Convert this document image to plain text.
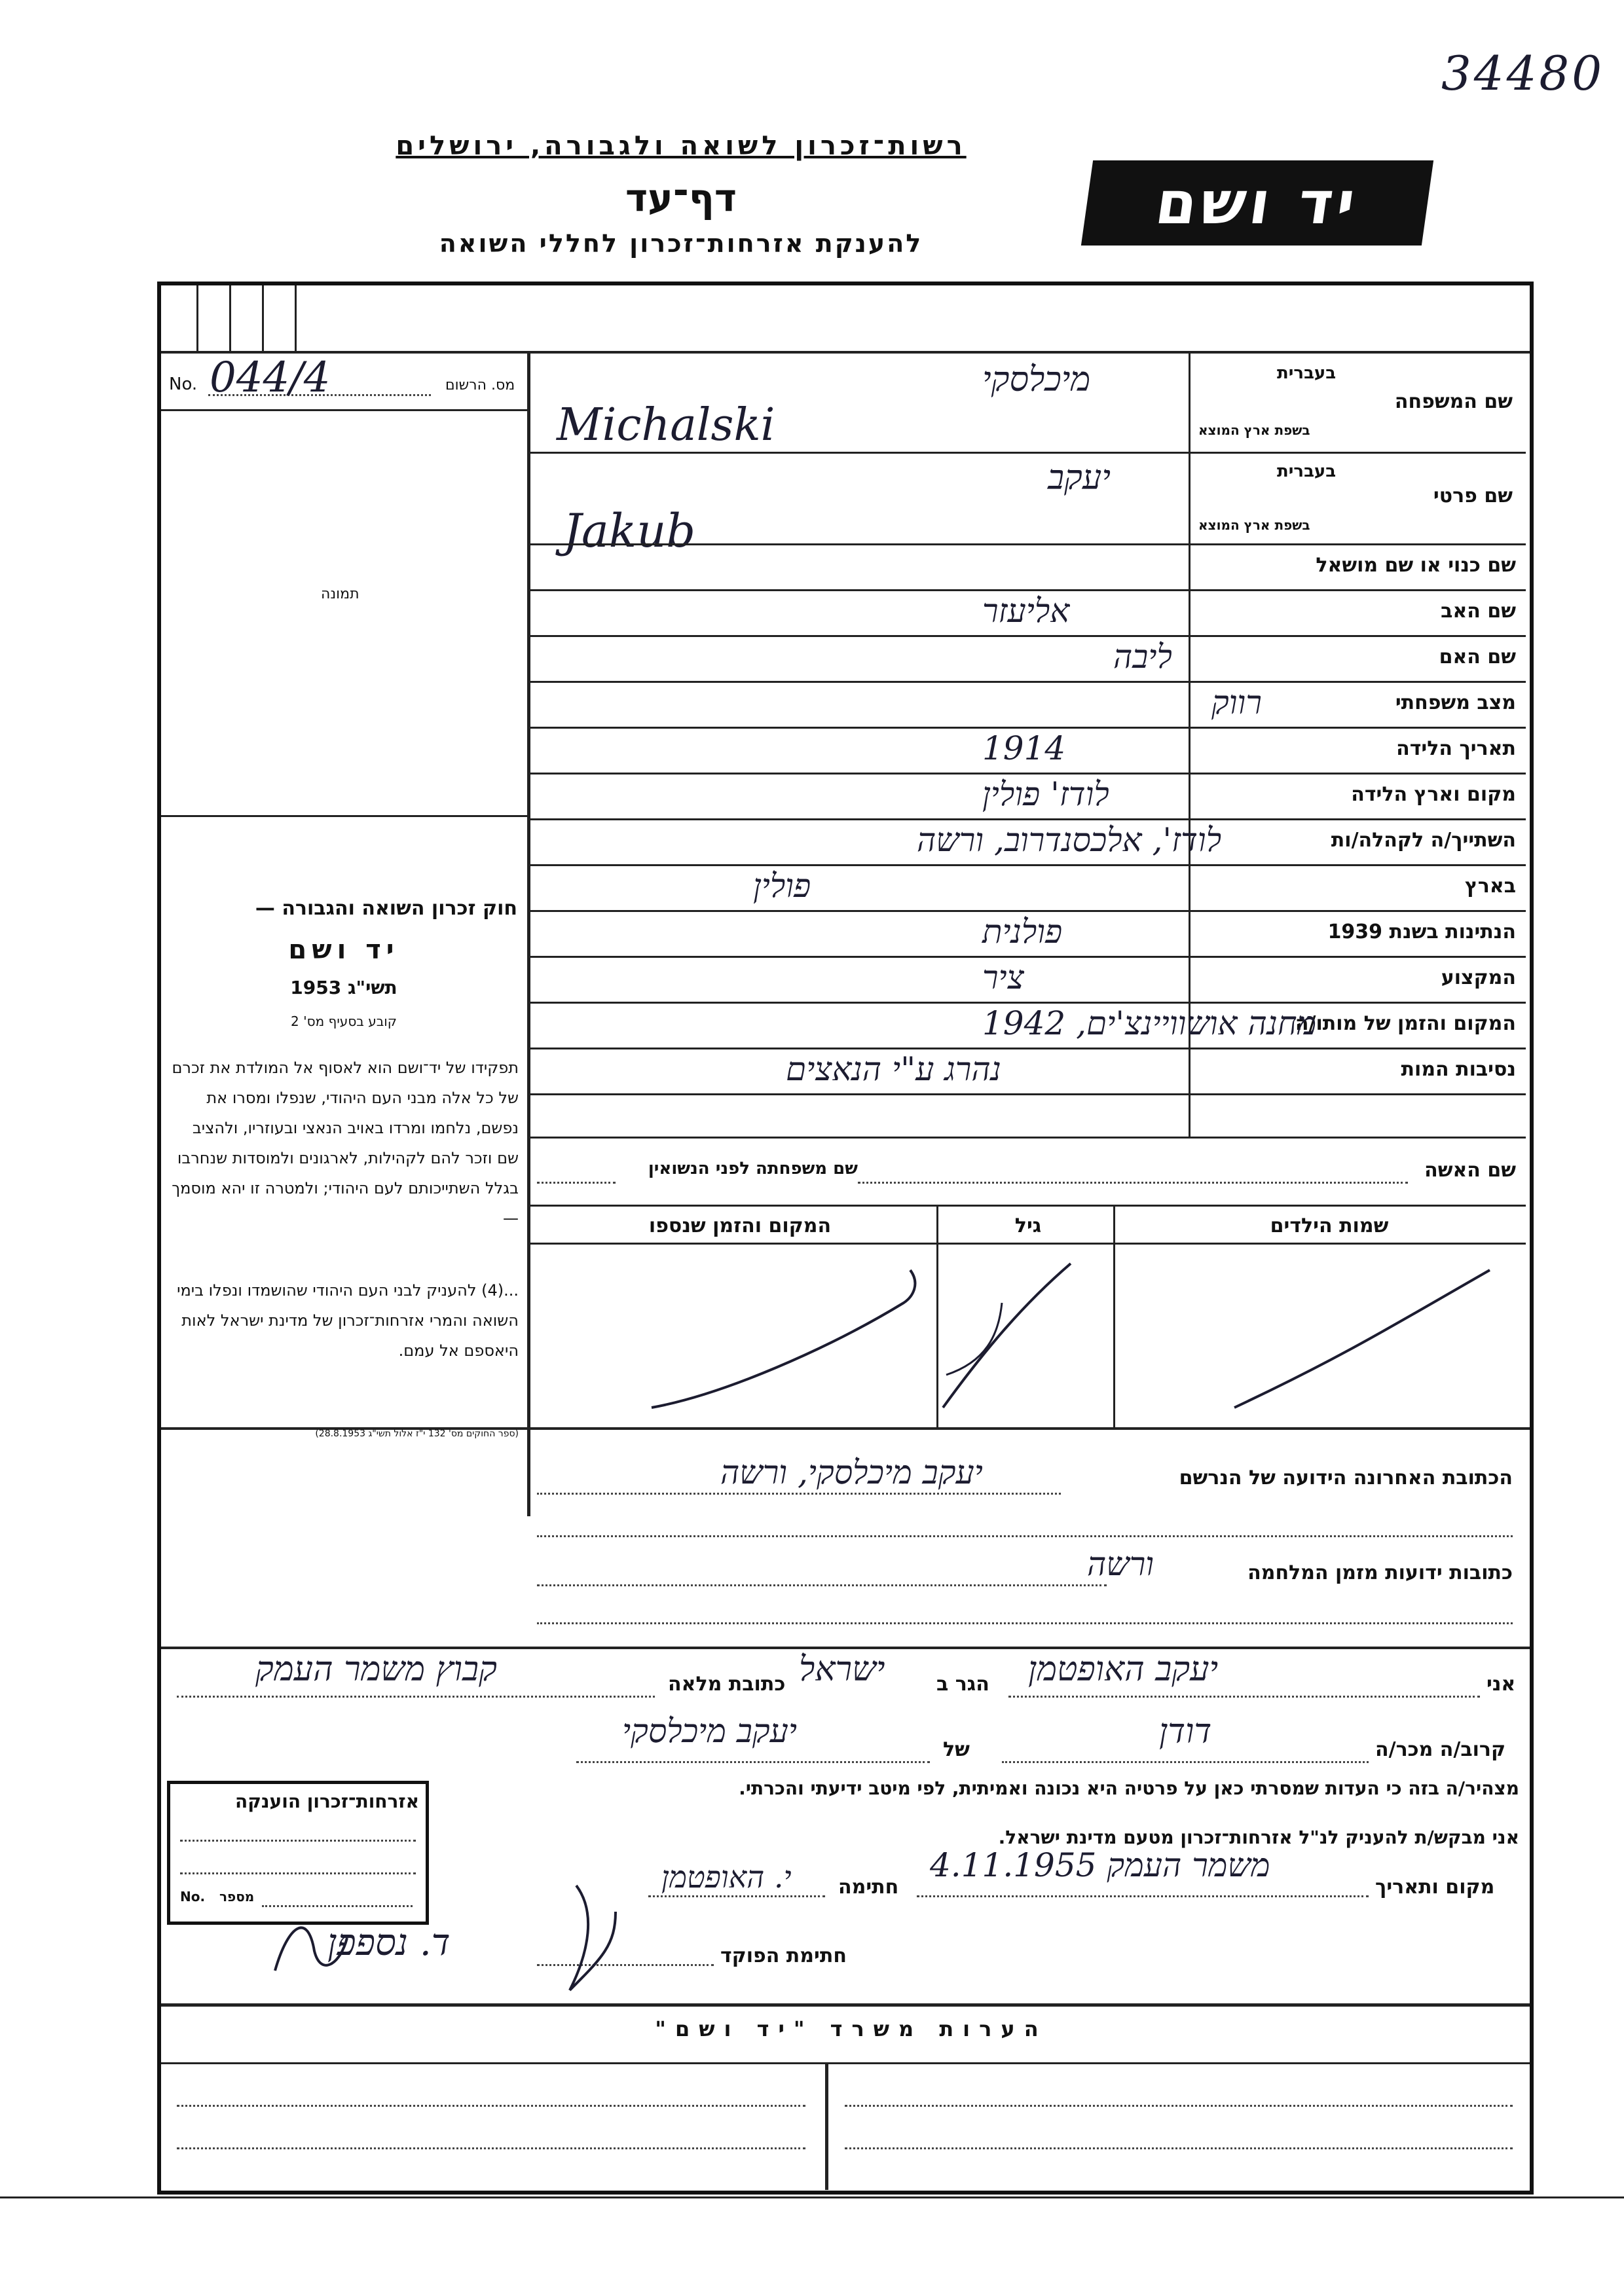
34480
רשות־זכרון לשואה ולגבורה, ירושלים
דף־עד
להענקת אזרחות־זכרון לחללי השואה
יד ושם
No. 044/4	מס. הרשום
תמונה
חוק זכרון השואה והגבורה —
יד ושם
תשי"ג 1953
קובע בסעיף מס' 2
תפקידו של יד־ושם הוא לאסוף אל המולדת את זכרם של כל אלה מבני העם היהודי, שנפלו ומסרו את נפשם, נלחמו ומרדו באויב הנאצי ובעוזריו, ולהציב שם וזכר להם לקהילות, לארגונים ולמוסדות שנחרבו בגלל השתייכותם לעם היהודי; ולמטרה זו יהא מוסמך —
...(4) להעניק לבני העם היהודי שהושמדו ונפלו בימי השואה והמרי אזרחות־זכרון של מדינת ישראל לאות היאספם אל עמם.
(ספר החוקים מס' 132 י"ז אלול תשי"ג 28.8.1953)
שם המשפחה
בעברית
בשפת ארץ המוצא
מיכלסקי
Michalski
שם פרטי
בעברית
בשפת ארץ המוצא
יעקב
Jakub
שם כנוי או שם מושאל
שם האב
אליעזר
שם האם
ליבה
מצב משפחתי
רווק
תאריך הלידה
1914
מקום וארץ הלידה
לודז' פולין
השתייך/ה לקהלה/ות
לודז', אלכסנדרוב, ורשה
בארץ
פולין
הנתינות בשנת 1939
פולנית
המקצוע
ציר
המקום והזמן של מותו/ה
מחנה אושוויינצ'ים, 1942
נסיבות המות
נהרג ע"י הנאצים
שם האשה
שם משפחתה לפני הנשואין
שמות הילדים
גיל
המקום והזמן שנספו
הכתובת האחרונה הידועה של הנרשם
יעקב מיכלסקי, ורשה
כתובות ידועות מזמן המלחמה
ורשה
אני
יעקב האופטמן
הגר ב
ישראל
כתובת מלאה
קבוץ משמר העמק
קרוב/ה מכר/ה
דודן
של
יעקב מיכלסקי
מצהיר/ה בזה כי העדות שמסרתי כאן על פרטיה היא נכונה ואמיתית, לפי מיטב ידיעתי והכרתי.
אני מבקש/ת להעניק לנ"ל אזרחות־זכרון מטעם מדינת ישראל.
מקום ותאריך
משמר העמק 4.11.1955
חתימה
י. האופטמן
חתימת הפוקד
ד. נספפן
אזרחות־זכרון הוענקה
No. מספר
הערות משרד "יד ושם"
